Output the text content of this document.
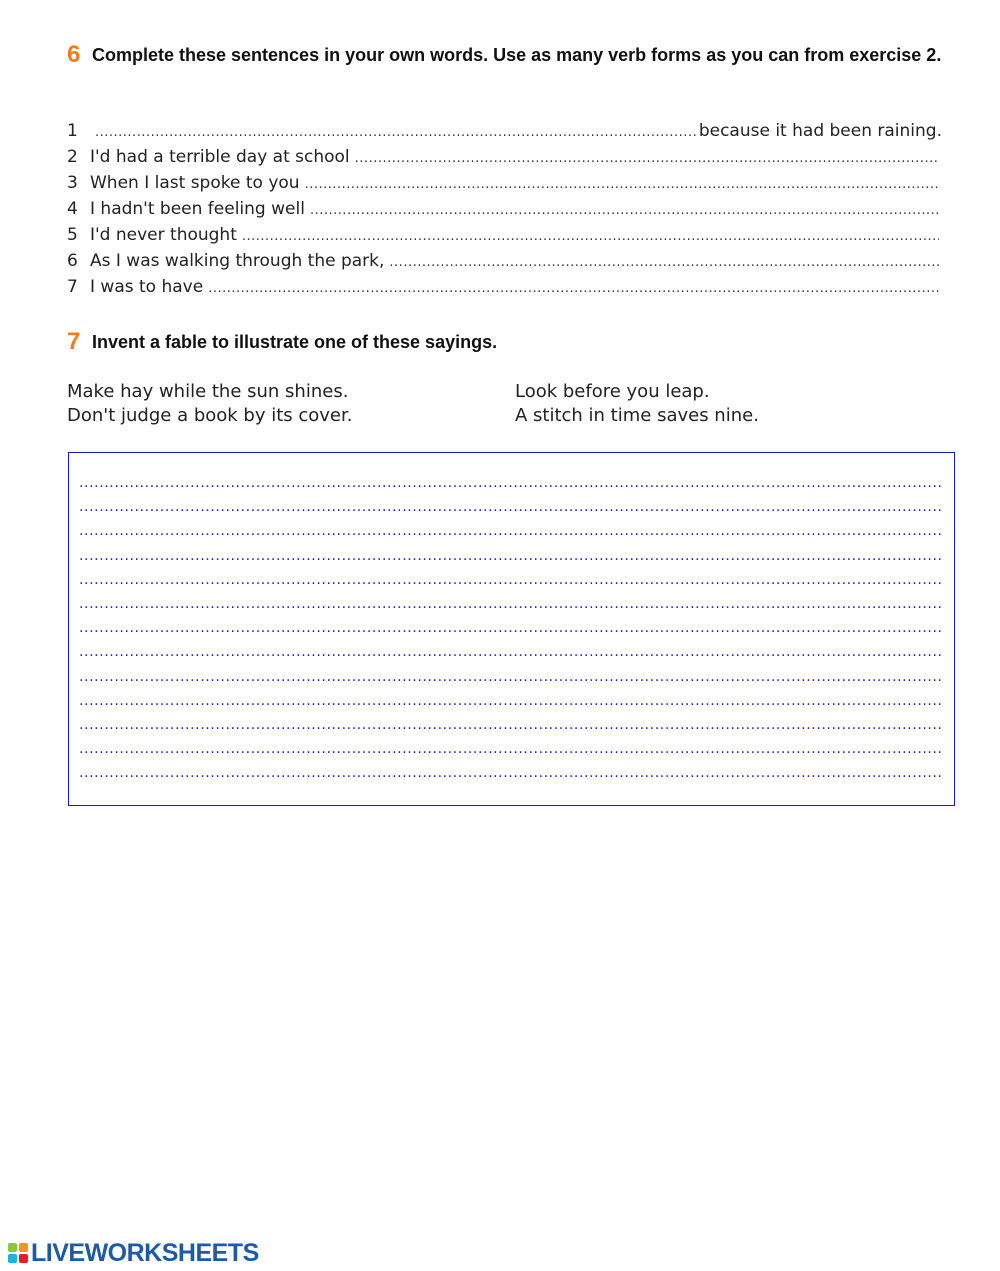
6 Complete these sentences in your own words. Use as many verb forms as you can from exercise 2.
1
.....	because it had been raining.
2 I'd had a terrible day at school
.....
3 When I last spoke to you
.....
4 I hadn't been feeling well
.....
5 I'd never thought
.....
6 As I was walking through the park,
.....
7 I was to have
.....
7 Invent a fable to illustrate one of these sayings.
Make hay while the sun shines.	Look before you leap.
Don't judge a book by its cover.	A stitch in time saves nine.
.....
.....
.....
.....
.....
.....
.....
.....
.....
.....
.....
.....
.....
LIVEWORKSHEETS
